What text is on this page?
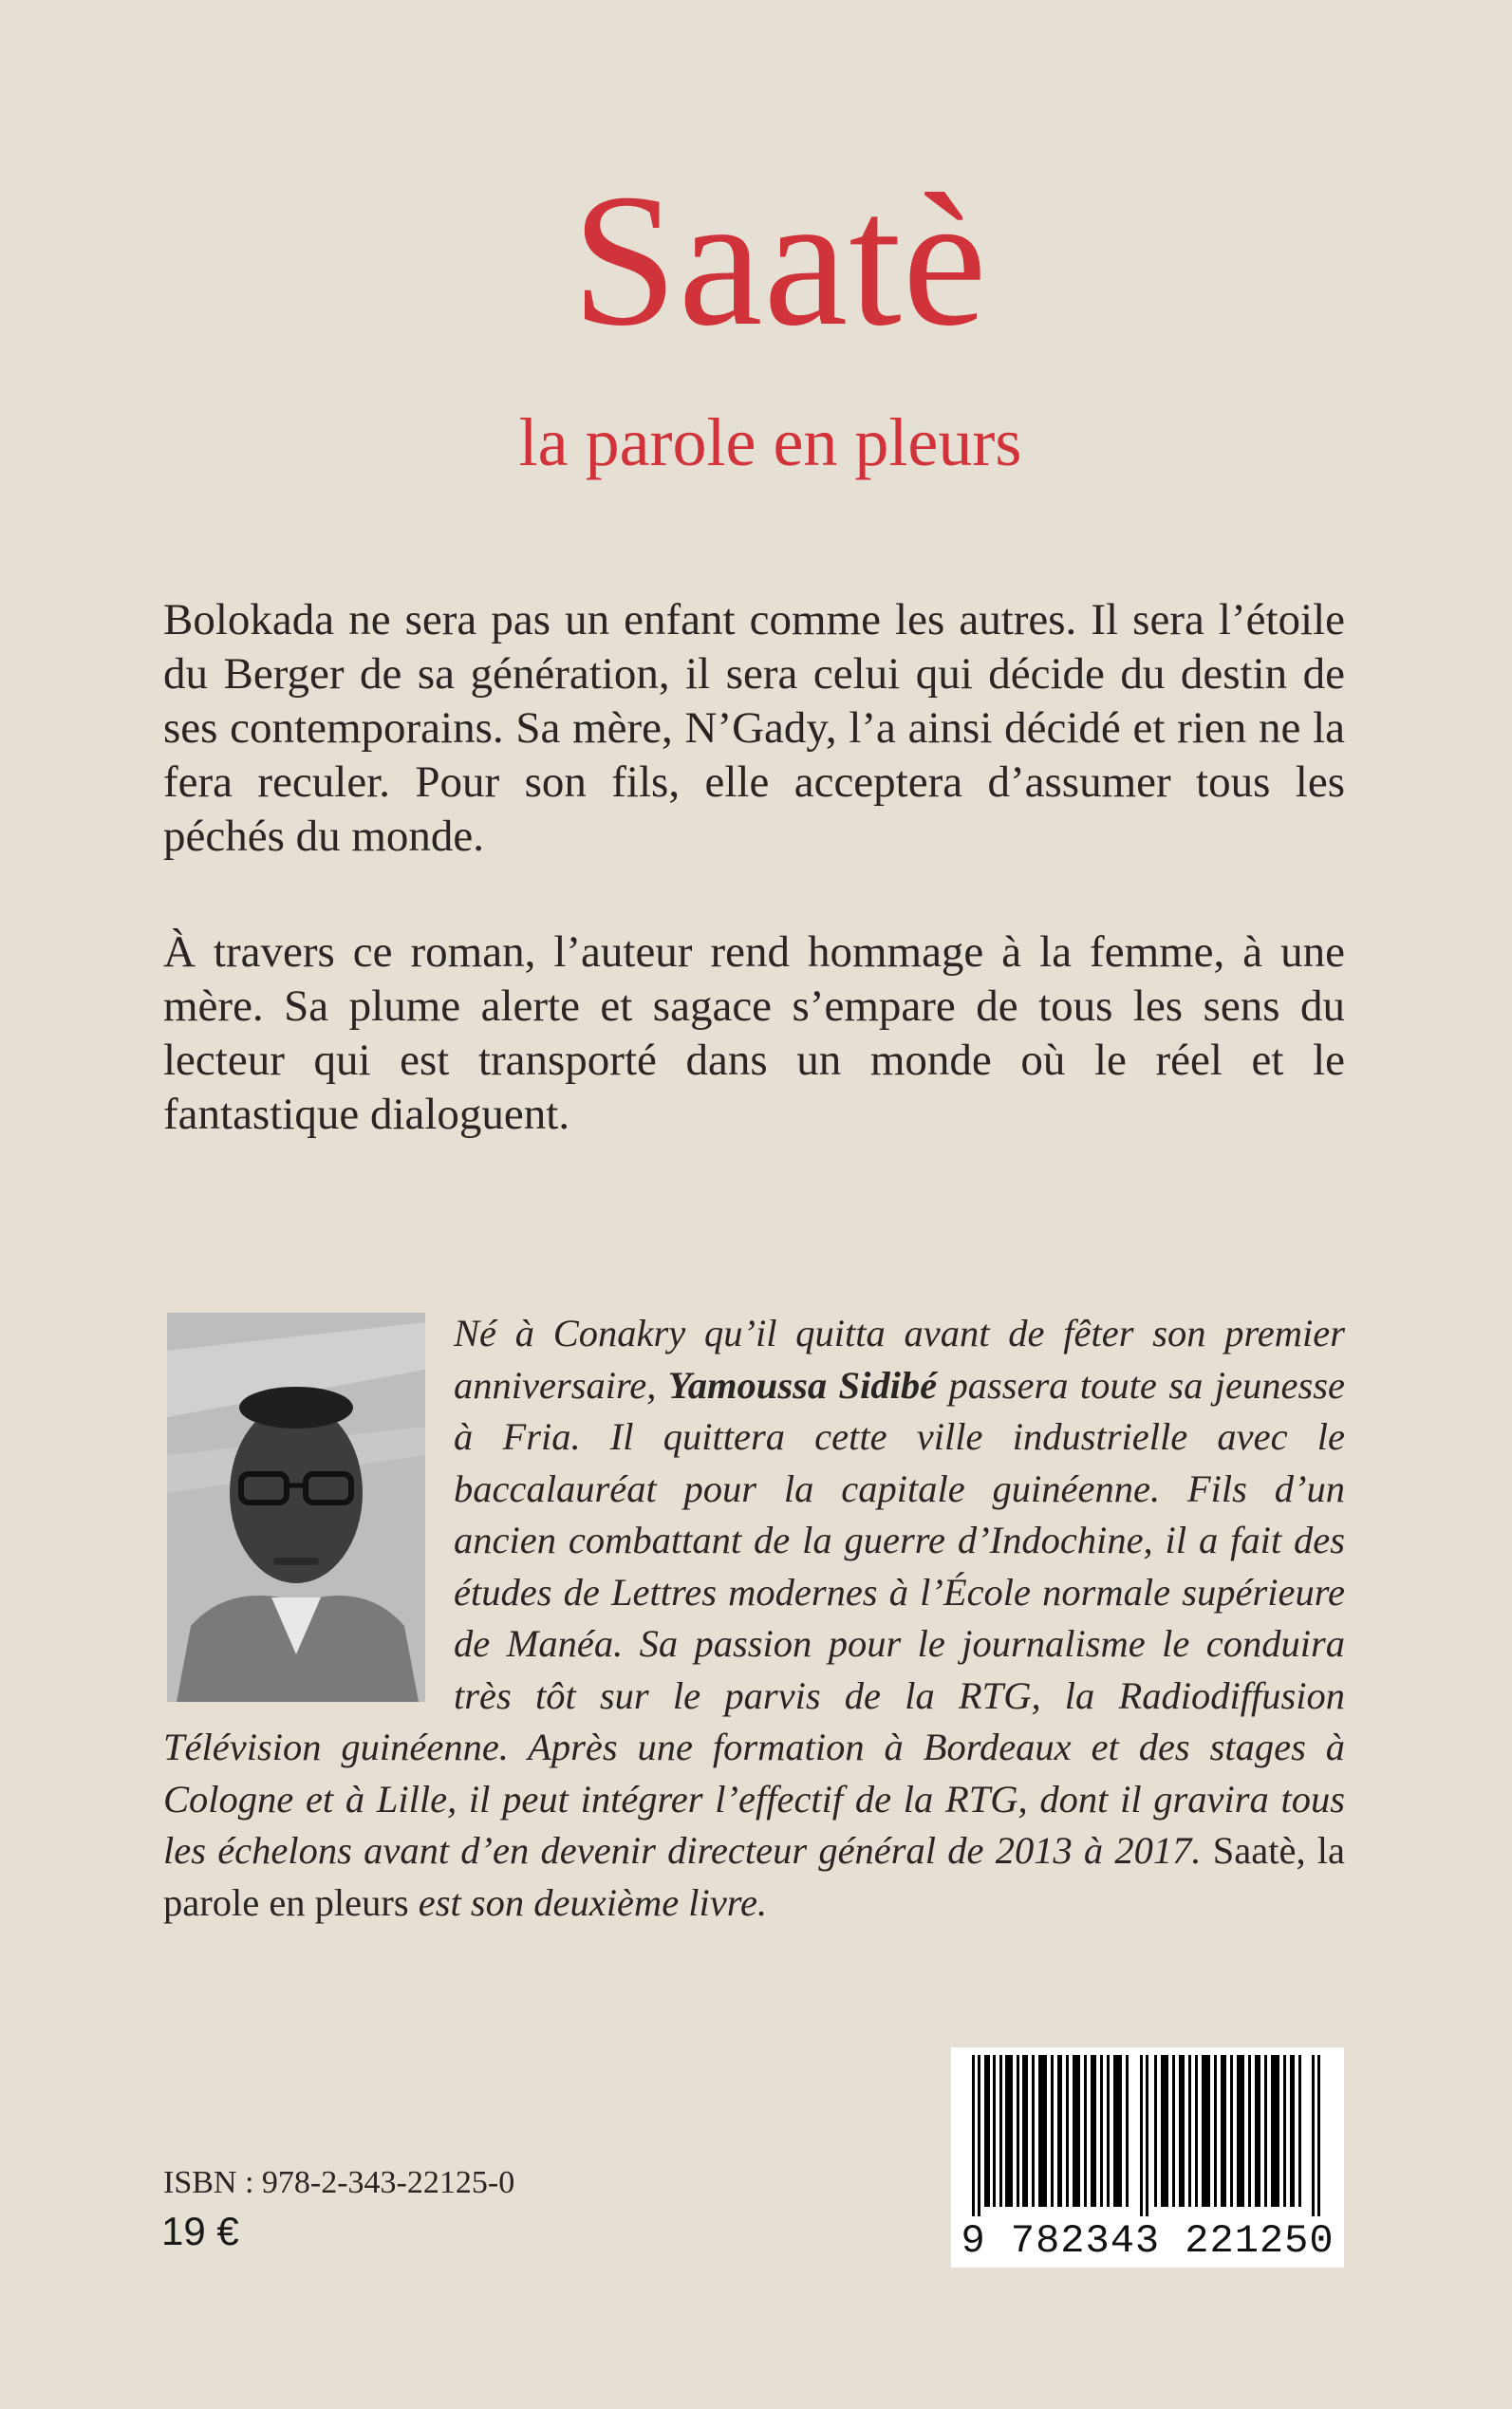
Saatè
la parole en pleurs

Bolokada ne sera pas un enfant comme les autres. Il sera l’étoile du Berger de sa génération, il sera celui qui décide du destin de ses contemporains. Sa mère, N’Gady, l’a ainsi décidé et rien ne la fera reculer. Pour son fils, elle acceptera d’assumer tous les péchés du monde.

À travers ce roman, l’auteur rend hommage à la femme, à une mère. Sa plume alerte et sagace s’empare de tous les sens du lecteur qui est transporté dans un monde où le réel et le fantastique dialoguent.

Né à Conakry qu’il quitta avant de fêter son premier anniversaire, Yamoussa Sidibé passera toute sa jeunesse à Fria. Il quittera cette ville industrielle avec le baccalauréat pour la capitale guinéenne. Fils d’un ancien combattant de la guerre d’Indochine, il a fait des études de Lettres modernes à l’École normale supérieure de Manéa. Sa passion pour le journalisme le conduira très tôt sur le parvis de la RTG, la Radiodiffusion Télévision guinéenne. Après une formation à Bordeaux et des stages à Cologne et à Lille, il peut intégrer l’effectif de la RTG, dont il gravira tous les échelons avant d’en devenir directeur général de 2013 à 2017. Saatè, la parole en pleurs est son deuxième livre.
ISBN : 978-2-343-22125-0
19 €	9 782343 221250
